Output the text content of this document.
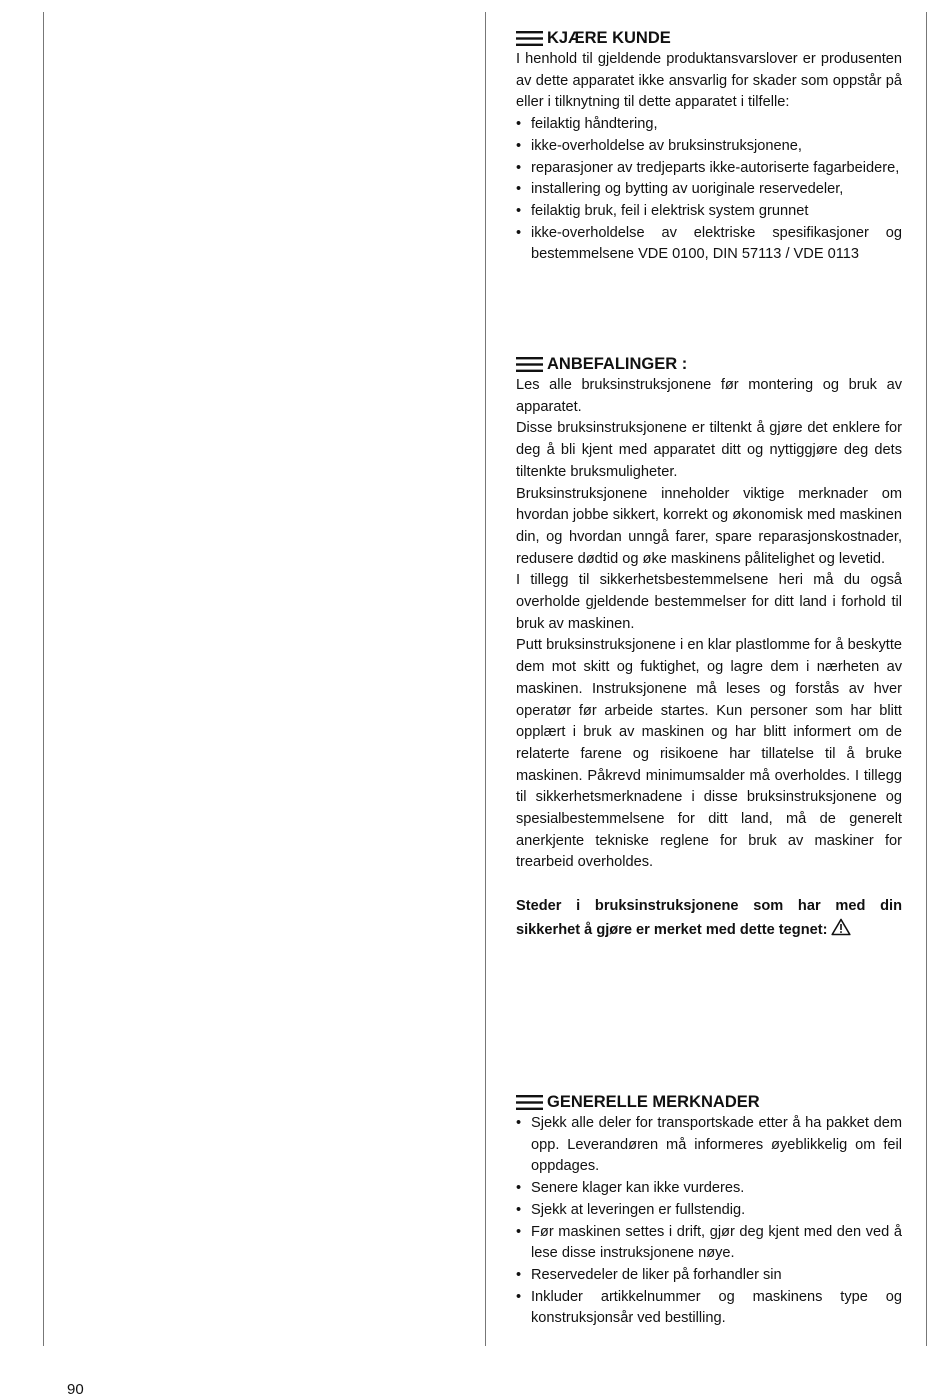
KJÆRE KUNDE

I henhold til gjeldende produktansvarslover er produsenten av dette apparatet ikke ansvarlig for skader som oppstår på eller i tilknytning til dette apparatet i tilfelle:

• feilaktig håndtering,
• ikke-overholdelse av bruksinstruksjonene,
• reparasjoner av tredjeparts ikke-autoriserte fagarbeidere,
• installering og bytting av uoriginale reservedeler,
• feilaktig bruk, feil i elektrisk system grunnet
• ikke-overholdelse av elektriske spesifikasjoner og bestemmelsene VDE 0100, DIN 57113 / VDE 0113
ANBEFALINGER :

Les alle bruksinstruksjonene før montering og bruk av apparatet.

Disse bruksinstruksjonene er tiltenkt å gjøre det enklere for deg å bli kjent med apparatet ditt og nyttiggjøre deg dets tiltenkte bruksmuligheter.

Bruksinstruksjonene inneholder viktige merknader om hvordan jobbe sikkert, korrekt og økonomisk med maskinen din, og hvordan unngå farer, spare reparasjonskostnader, redusere dødtid og øke maskinens pålitelighet og levetid.

I tillegg til sikkerhetsbestemmelsene heri må du også overholde gjeldende bestemmelser for ditt land i forhold til bruk av maskinen.

Putt bruksinstruksjonene i en klar plastlomme for å beskytte dem mot skitt og fuktighet, og lagre dem i nærheten av maskinen. Instruksjonene må leses og forstås av hver operatør før arbeide startes. Kun personer som har blitt opplært i bruk av maskinen og har blitt informert om de relaterte farene og risikoene har tillatelse til å bruke maskinen. Påkrevd minimumsalder må overholdes. I tillegg til sikkerhetsmerknadene i disse bruksinstruksjonene og spesialbestemmelsene for ditt land, må de generelt anerkjente tekniske reglene for bruk av maskiner for trearbeid overholdes.

Steder i bruksinstruksjonene som har med din sikkerhet å gjøre er merket med dette tegnet:
GENERELLE MERKNADER
• Sjekk alle deler for transportskade etter å ha pakket dem opp. Leverandøren må informeres øyeblikkelig om feil oppdages.
• Senere klager kan ikke vurderes.
• Sjekk at leveringen er fullstendig.
• Før maskinen settes i drift, gjør deg kjent med den ved å lese disse instruksjonene nøye.
• Reservedeler de liker på forhandler sin
• Inkluder artikkelnummer og maskinens type og konstruksjonsår ved bestilling.
90
